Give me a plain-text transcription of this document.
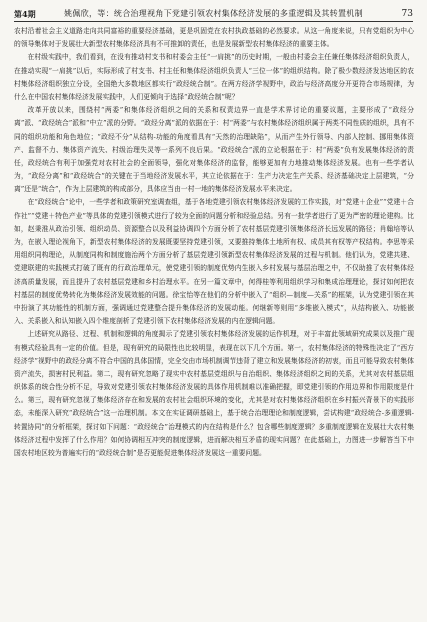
第4期	姚佩欣，等：统合治理视角下党建引领农村集体经济发展的多重逻辑及其转置机制	73

农村沿着社会主义道路走向共同富裕的重要经济基础，更是巩固党在农村执政基础的必然要求。从这一角度来说，只有党组织为中心的领导集体对于发展壮大新型农村集体经济具有不可推卸的责任，也是发展新型农村集体经济的重要主体。

在村级实践中，我们看到，在没有推动村支书和村委会主任“一肩挑”的历史时期，一般由村委会主任兼任集体经济组织负责人，在推动实现“一肩挑”以后，实际形成了村支书、村主任和集体经济组织负责人“三位一体”的组织结构。除了极少数经济发达地区的农村集体经济组织独立分设，全国绝大多数地区都实行“政经统合制”。在两方经济学视野中，政治与经济高度分开更符合市场规律，为什么在中国农村集体经济发展实践中，人们更倾向于选择“政经统合制”呢？

改革开放以来，围绕村“两委”和集体经济组织之间的关系和权责边界一直是学术界讨论的重要议题，主要形成了“政经分离”派、“政经统合”派和“中立”派的分野。“政经分离”派的依据在于：村“两委”与农村集体经济组织属于两类不同性质的组织，具有不同的组织功能和角色地位；“政经不分”从结构-功能的角度看具有“天然的治理缺陷”，从而产生外行领导、内部人控制、挪用集体资产、监督不力、集体资产流失、村级治理失灵等一系列不良后果。“政经统合”派的立论根据在于：村“两委”负有发展集体经济的责任，政经统合有利于加强党对农村社会的全面领导，强化对集体经济的监督，能够更加有力地推动集体经济发展。也有一些学者认为，“政经分离”和“政经统合”的关键在于当地经济发展水平，其立论依据在于：生产力决定生产关系、经济基础决定上层建筑，“分离”还是“统合”，作为上层建筑的构成部分，具体应当由一村一地的集体经济发展水平来决定。

在“政经统合”论中，一些学者和政策研究室调查组，基于各地党建引领农村集体经济发展的工作实践，对“党建＋企业”“党建＋合作社”“党建＋特色产业”等具体的党建引领模式进行了较为全面的问题分析和经验总结。另有一批学者进行了更为严密的理论建构。比如，赵秉淮从政治引领、组织动员、资源整合以及利益协调四个方面分析了农村基层党建引领集体经济长远发展的路径；肖翰培等认为，在嵌入理论视角下，新型农村集体经济的发展既要坚持党建引领，又要推持集体土地所有权、成员其有权等产权结构。李思等采用组织同构理论，从制度同构和制度施治两个方面分析了基层党建引领新型农村集体经济发展的过程与机制。他们认为，党建共建、党建联建的实践模式打破了既有的行政治理单元，使党建引领的制度优势内生嵌入乡村发展与基层治理之中，不仅助推了农村集体经济高质量发展，而且提升了农村基层党建和乡村治理水平。在另一篇文章中，何得桂等利用组织学习和集成治理理论，探讨如何把农村基层的制度优势转化为集体经济发展效能的问题。徐宝怡等在他们的分析中嵌入了“组织—制度—关系”的框架，认为党建引领在其中扮演了其功能性的机制方面，强调通过党建整合提升集体经济的发展动能。何继新等则用“多维嵌入模式”，从结构嵌入、功能嵌入、关系嵌入和认知嵌入四个维度剖析了党建引领下农村集体经济发展的内在逻辑问题。

上述研究从路径、过程、机制和逻辑的角度揭示了党建引领农村集体经济发展的运作机理，对于丰富此领域研究成果以及推广现有模式经验具有一定的价值。但是，现有研究的局限性也比较明显，表现在以下几个方面。第一，农村集体经济的特殊性决定了“西方经济学”视野中的政经分离不符合中国的具体国情，完全交由市场机制调节违背了建立和发展集体经济的初衷，而且可能导致农村集体资产流失，损害村民利益。第二，现有研究忽略了现实中农村基层党组织与自治组织、集体经济组织之间的关系，尤其对农村基层组织体系的统合性分析不足，导致对党建引领农村集体经济发展的具体作用机制难以准确把握，即党建引领的作用边界和作用限度是什么。第三，现有研究忽视了集体经济存在和发展的农村社会组织环境的变化，尤其是对农村集体经济组织在乡村振兴背景下的实践形态，未能深入研究“政经统合”这一治理机制。本文在实证调研基础上，基于统合治理理论和制度逻辑，尝试构建“政经统合-多重逻辑-转置协同”的分析框架，探讨如下问题：“政经统合”治理模式的内在结构是什么？包含哪些制度逻辑？多重制度逻辑在发展壮大农村集体经济过程中发挥了什么作用？如何协调相互冲突的制度逻辑，进而解决相互矛盾的现实问题？在此基础上，力图进一步解答当下中国农村地区较为普遍实行的“政经统合制”是否更能促进集体经济发展这一重要问题。
